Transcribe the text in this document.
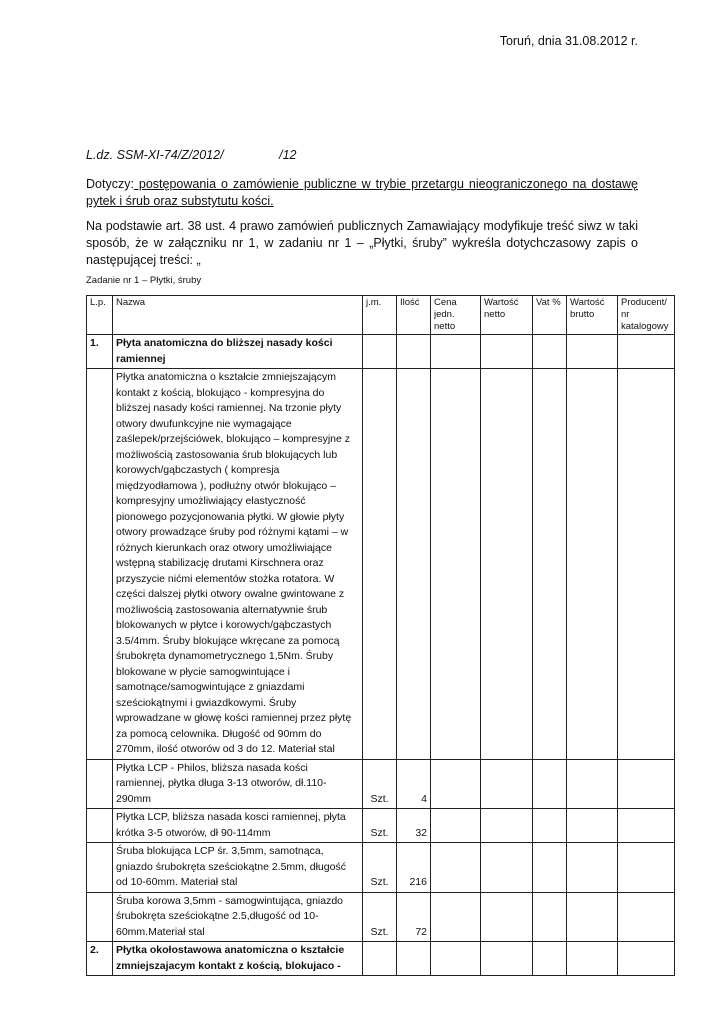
Toruń, dnia 31.08.2012 r.
L.dz. SSM-XI-74/Z/2012/                /12
Dotyczy: postępowania o zamówienie publiczne w trybie przetargu nieograniczonego na dostawę pytek i śrub oraz substytutu kości.
Na podstawie art. 38 ust. 4 prawo zamówień publicznych Zamawiający modyfikuje treść siwz w taki sposób, że w załączniku nr 1, w zadaniu nr 1 – „Płytki, śruby” wykreśla dotychczasowy zapis o następującej treści: „
Zadanie nr 1 – Płytki, śruby
L.p.	Nazwa	j.m.	Ilość	Cena jedn. netto	Wartość netto	Vat %	Wartość brutto	Producent/ nr katalogowy
1.	Płyta anatomiczna do bliższej nasady kości ramiennej							
	Płytka anatomiczna o kształcie zmniejszającym kontakt z kością, blokująco - kompresyjna do bliższej nasady kości ramiennej. Na trzonie płyty otwory dwufunkcyjne nie wymagające zaślepek/przejściówek, blokująco – kompresyjne z możliwością zastosowania śrub blokujących lub korowych/gąbczastych ( kompresja międzyodłamowa ), podłużny otwór blokująco – kompresyjny umożliwiający elastyczność pionowego pozycjonowania płytki. W głowie płyty otwory prowadzące śruby pod różnymi kątami – w różnych kierunkach oraz otwory umożliwiające wstępną stabilizację drutami Kirschnera oraz przyszycie nićmi elementów stożka rotatora. W części dalszej płytki otwory owalne gwintowane z możliwością zastosowania alternatywnie śrub blokowanych w płytce i korowych/gąbczastych 3.5/4mm. Śruby blokujące wkręcane za pomocą śrubokręta dynamometrycznego 1,5Nm. Śruby blokowane w płycie samogwintujące i samotnące/samogwintujące z gniazdami sześciokątnymi i gwiazdkowymi. Śruby wprowadzane w głowę kości ramiennej przez płytę za pomocą celownika. Długość od 90mm do 270mm, ilość otworów od 3 do 12. Materiał stal							
	Płytka LCP - Philos, bliższa nasada kości ramiennej, płytka długa 3-13 otworów, dł.110-290mm	Szt.	4					
	Płytka LCP, bliższa nasada kosci ramiennej, płyta krótka 3-5 otworów, dł 90-114mm	Szt.	32					
	Śruba blokująca LCP śr. 3,5mm, samotnąca, gniazdo śrubokręta sześciokątne 2.5mm, długość od 10-60mm. Materiał stal	Szt.	216					
	Śruba korowa 3,5mm - samogwintująca, gniazdo śrubokręta sześciokątne 2.5,długość od 10-60mm.Materiał stal	Szt.	72					
2.	Płytka okołostawowa anatomiczna o kształcie zmniejszajacym kontakt z kością, blokujaco -							
